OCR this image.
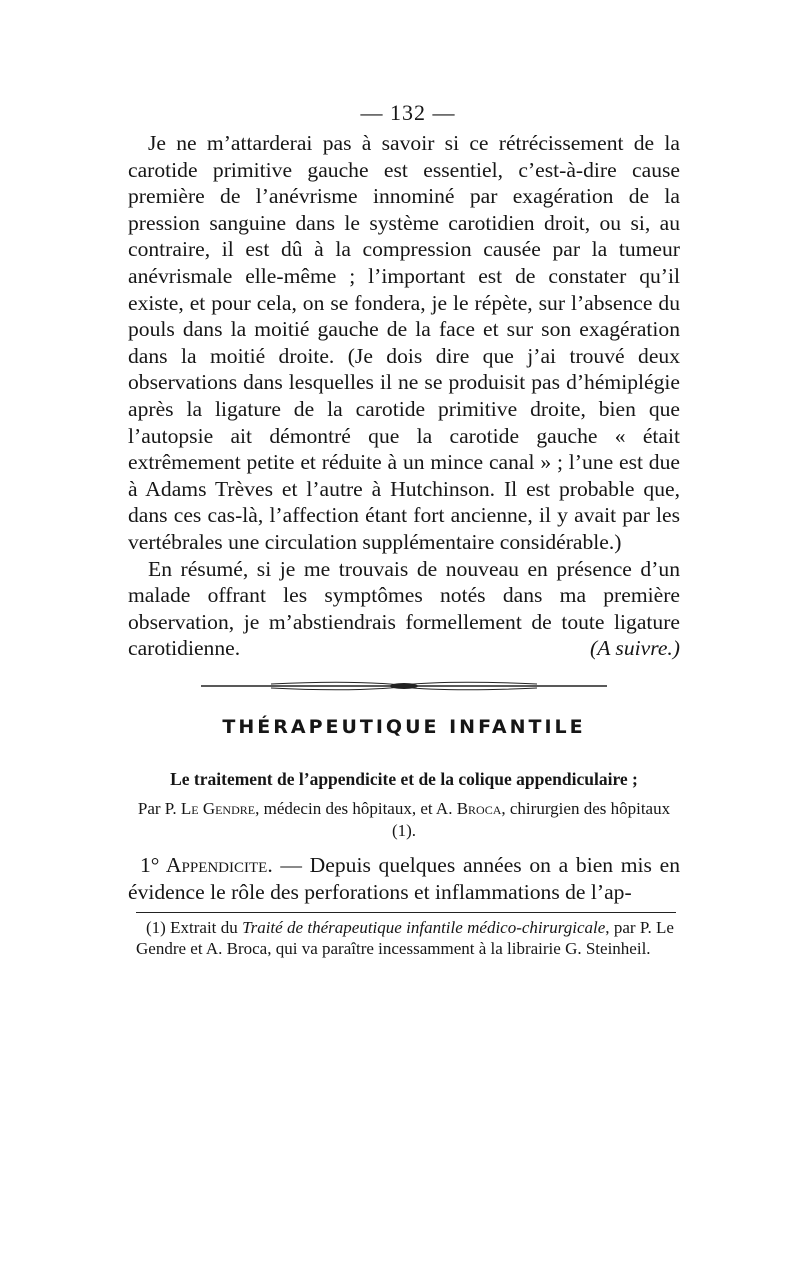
— 132 —

Je ne m’attarderai pas à savoir si ce rétrécissement de la carotide primitive gauche est essentiel, c’est-à-dire cause première de l’anévrisme innominé par exagération de la pression sanguine dans le système carotidien droit, ou si, au contraire, il est dû à la compression causée par la tumeur anévrismale elle-même ; l’important est de constater qu’il existe, et pour cela, on se fondera, je le répète, sur l’absence du pouls dans la moitié gauche de la face et sur son exagération dans la moitié droite. (Je dois dire que j’ai trouvé deux observations dans lesquelles il ne se produisit pas d’hémiplégie après la ligature de la carotide primitive droite, bien que l’autopsie ait démontré que la carotide gauche « était extrêmement petite et réduite à un mince canal » ; l’une est due à Adams Trèves et l’autre à Hutchinson. Il est probable que, dans ces cas-là, l’affection étant fort ancienne, il y avait par les vertébrales une circulation supplémentaire considérable.)

En résumé, si je me trouvais de nouveau en présence d’un malade offrant les symptômes notés dans ma première observation, je m’abstiendrais formellement de toute ligature carotidienne.	(A suivre.)

THÉRAPEUTIQUE INFANTILE
Le traitement de l’appendicite et de la colique appendiculaire ;
Par P. Le Gendre, médecin des hôpitaux, et A. Broca, chirurgien des hôpitaux (1).
1° Appendicite. — Depuis quelques années on a bien mis en évidence le rôle des perforations et inflammations de l’ap-
(1) Extrait du Traité de thérapeutique infantile médico-chirurgicale, par P. Le Gendre et A. Broca, qui va paraître incessamment à la librairie G. Steinheil.
